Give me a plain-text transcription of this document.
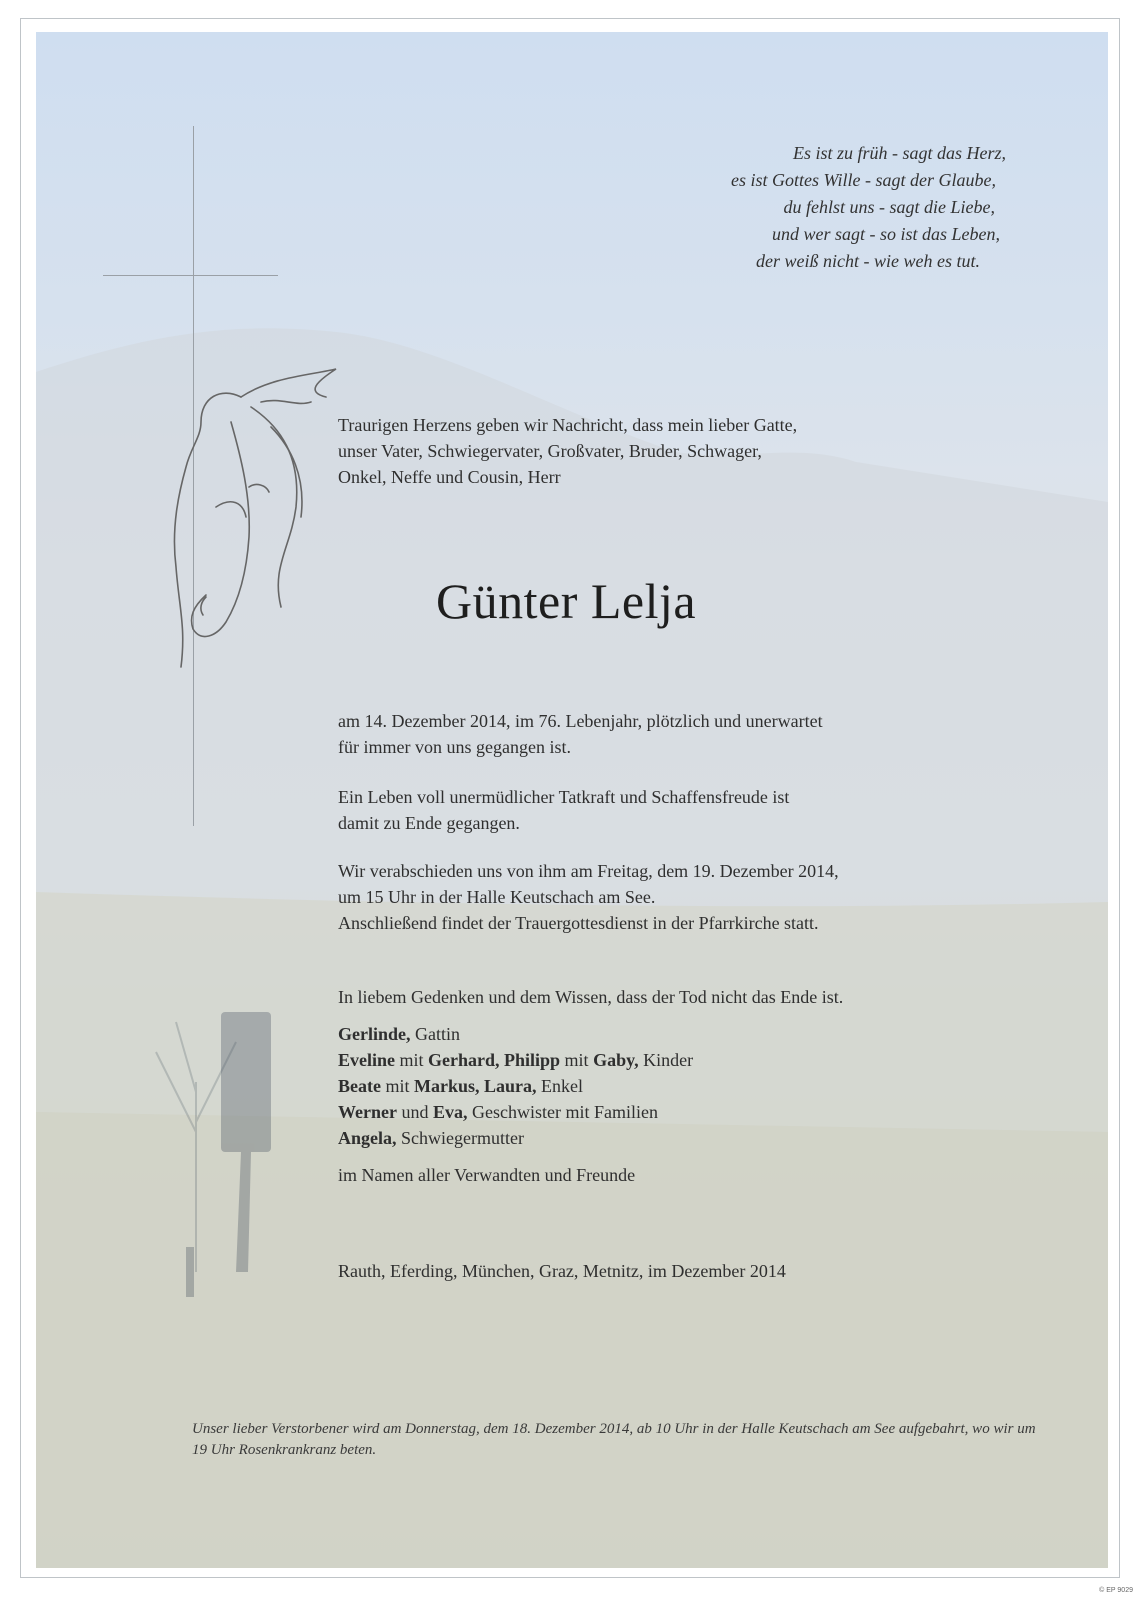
Es ist zu früh - sagt das Herz,
es ist Gottes Wille - sagt der Glaube,
du fehlst uns - sagt die Liebe,
und wer sagt - so ist das Leben,
der weiß nicht - wie weh es tut.
Traurigen Herzens geben wir Nachricht, dass mein lieber Gatte,
unser Vater, Schwiegervater, Großvater, Bruder, Schwager,
Onkel, Neffe und Cousin, Herr
Günter Lelja
am 14. Dezember 2014, im 76. Lebenjahr, plötzlich und unerwartet
für immer von uns gegangen ist.
Ein Leben voll unermüdlicher Tatkraft und Schaffensfreude ist
damit zu Ende gegangen.
Wir verabschieden uns von ihm am Freitag, dem 19. Dezember 2014,
um 15 Uhr in der Halle Keutschach am See.
Anschließend findet der Trauergottesdienst in der Pfarrkirche statt.
In liebem Gedenken und dem Wissen, dass der Tod nicht das Ende ist.
Gerlinde, Gattin
Eveline mit Gerhard, Philipp mit Gaby, Kinder
Beate mit Markus, Laura, Enkel
Werner und Eva, Geschwister mit Familien
Angela, Schwiegermutter
im Namen aller Verwandten und Freunde
Rauth, Eferding, München, Graz, Metnitz, im Dezember 2014
Unser lieber Verstorbener wird am Donnerstag, dem 18. Dezember 2014, ab 10 Uhr in der Halle Keutschach am See aufgebahrt, wo wir um 19 Uhr Rosenkrankranz beten.
© EP 9029
